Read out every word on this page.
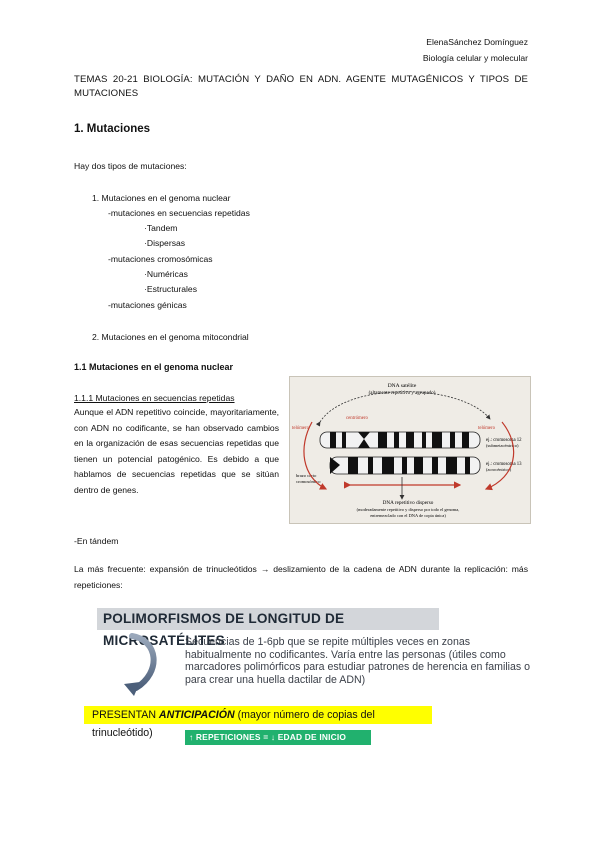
ElenaSánchez Domínguez
Biología celular y molecular
TEMAS 20-21 BIOLOGÍA: MUTACIÓN Y DAÑO EN ADN. AGENTE MUTAGÉNICOS Y TIPOS DE MUTACIONES
1. Mutaciones
Hay dos tipos de mutaciones:
1. Mutaciones en el genoma nuclear
-mutaciones en secuencias repetidas
·Tandem
·Dispersas
-mutaciones cromosómicas
·Numéricas
·Estructurales
-mutaciones génicas
2. Mutaciones en el genoma mitocondrial
1.1 Mutaciones en el genoma nuclear
1.1.1 Mutaciones en secuencias repetidas
Aunque el ADN repetitivo coincide, mayoritariamente, con ADN no codificante, se han observado cambios en la organización de esas secuencias repetidas que tienen un potencial patogénico. Es debido a que hablamos de secuencias repetidas que se sitúan dentro de genes.
DNA satélite
(altamente repetitivo y agrupado)
centrómero
telómero	telómero
ej.: cromosoma 12
(submetacéntrico)
ej.: cromosoma 13
(acrocéntrico)
brazo corto
cromosómico
DNA repetitivo disperso
(moderadamente repetitivo y disperso por todo el genoma,
entremezclado con el DNA de copia única)
-En tándem
La más frecuente: expansión de trinucleótidos → deslizamiento de la cadena de ADN durante la replicación: más repeticiones:
POLIMORFISMOS DE LONGITUD DE MICROSATÉLITES
Secuencias de 1-6pb que se repite múltiples veces en zonas habitualmente no codificantes. Varía entre las personas (útiles como marcadores polimórficos para estudiar patrones de herencia en familias o para crear una huella dactilar de ADN)
PRESENTAN ANTICIPACIÓN (mayor número de copias del trinucleótido)	↑ REPETICIONES = ↓ EDAD DE INICIO
